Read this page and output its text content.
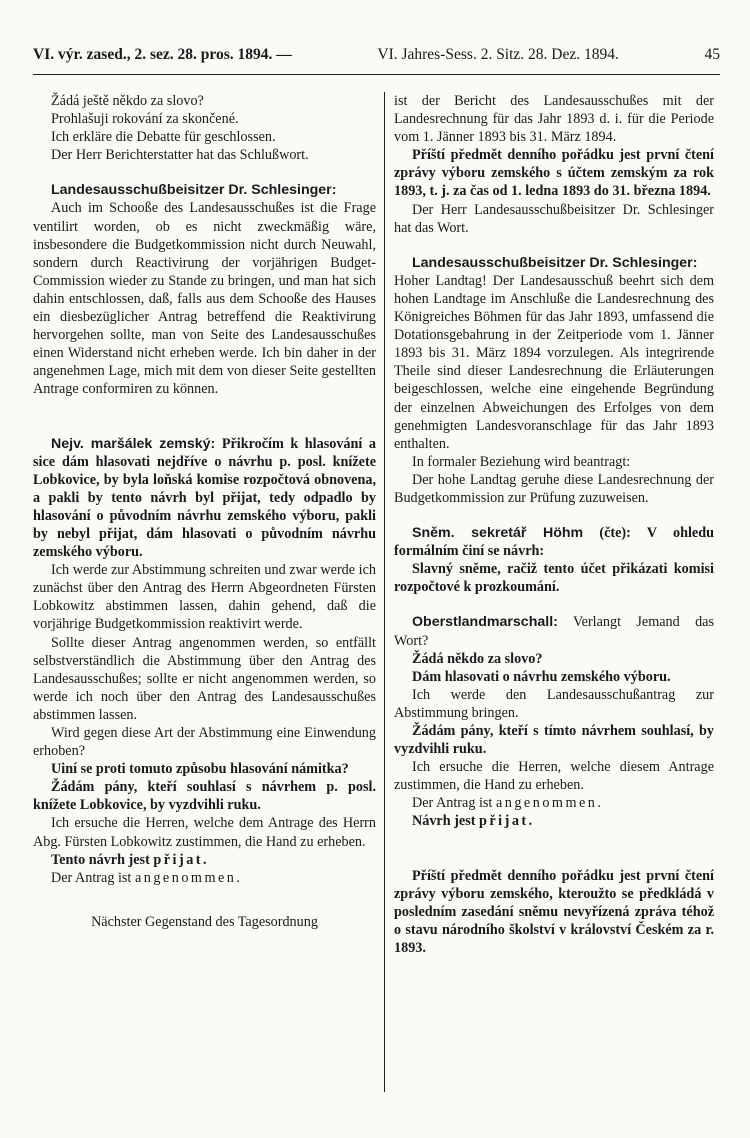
VI. výr. zased., 2. sez. 28. pros. 1894. —	VI. Jahres-Sess. 2. Sitz. 28. Dez. 1894.	45

Žádá ještě někdo za slovo?

Prohlašuji rokování za skončené.

Ich erkläre die Debatte für geschlossen.

Der Herr Berichterstatter hat das Schlußwort.

Landesausschußbeisitzer Dr. Schlesinger:

Auch im Schooße des Landesausschußes ist die Frage ventilirt worden, ob es nicht zweckmäßig wäre, insbesondere die Budgetkommission nicht durch Neuwahl, sondern durch Reactivirung der vorjährigen Budget-Commission wieder zu Stande zu bringen, und man hat sich dahin entschlossen, daß, falls aus dem Schooße des Hauses ein diesbezüglicher Antrag betreffend die Reaktivirung hervorgehen sollte, man von Seite des Landesausschußes einen Widerstand nicht erheben werde. Ich bin daher in der angenehmen Lage, mich mit dem von dieser Seite gestellten Antrage conformiren zu können.

Nejv. maršálek zemský: Přikročím k hlasování a sice dám hlasovati nejdříve o návrhu p. posl. knížete Lobkovice, by byla loňská komise rozpočtová obnovena, a pakli by tento návrh byl přijat, tedy odpadlo by hlasování o původním návrhu zemského výboru, pakli by nebyl přijat, dám hlasovati o původním návrhu zemského výboru.

Ich werde zur Abstimmung schreiten und zwar werde ich zunächst über den Antrag des Herrn Abgeordneten Fürsten Lobkowitz abstimmen lassen, dahin gehend, daß die vorjährige Budgetkommission reaktivirt werde.

Sollte dieser Antrag angenommen werden, so entfällt selbstverständlich die Abstimmung über den Antrag des Landesausschußes; sollte er nicht angenommen werden, so werde ich noch über den Antrag des Landesausschußes abstimmen lassen.

Wird gegen diese Art der Abstimmung eine Einwendung erhoben?

Uiní se proti tomuto způsobu hlasování námitka?

Žádám pány, kteří souhlasí s návrhem p. posl. knížete Lobkovice, by vyzdvihli ruku.

Ich ersuche die Herren, welche dem Antrage des Herrn Abg. Fürsten Lobkowitz zustimmen, die Hand zu erheben.

Tento návrh jest přijat.

Der Antrag ist angenommen.

Nächster Gegenstand des Tagesordnung

ist der Bericht des Landesausschußes mit der Landesrechnung für das Jahr 1893 d. i. für die Periode vom 1. Jänner 1893 bis 31. März 1894.

Příští předmět denního pořádku jest první čtení zprávy výboru zemského s účtem zemským za rok 1893, t. j. za čas od 1. ledna 1893 do 31. března 1894.

Der Herr Landesausschußbeisitzer Dr. Schlesinger hat das Wort.

Landesausschußbeisitzer Dr. Schlesinger:

Hoher Landtag! Der Landesausschuß beehrt sich dem hohen Landtage im Anschluße die Landesrechnung des Königreiches Böhmen für das Jahr 1893, umfassend die Dotationsgebahrung in der Zeitperiode vom 1. Jänner 1893 bis 31. März 1894 vorzulegen. Als integrirende Theile sind dieser Landesrechnung die Erläuterungen beigeschlossen, welche eine eingehende Begründung der einzelnen Abweichungen des Erfolges von dem genehmigten Landesvoranschlage für das Jahr 1893 enthalten.

In formaler Beziehung wird beantragt:

Der hohe Landtag geruhe diese Landesrechnung der Budgetkommission zur Prüfung zuzuweisen.

Sněm. sekretář Höhm (čte): V ohledu formálním činí se návrh:

Slavný sněme, račiž tento účet přikázati komisi rozpočtové k prozkoumání.

Oberstlandmarschall: Verlangt Jemand das Wort?

Žádá někdo za slovo?

Dám hlasovati o návrhu zemského výboru.

Ich werde den Landesausschußantrag zur Abstimmung bringen.

Žádám pány, kteří s tímto návrhem souhlasí, by vyzdvihli ruku.

Ich ersuche die Herren, welche diesem Antrage zustimmen, die Hand zu erheben.

Der Antrag ist angenommen.

Návrh jest přijat.

Příští předmět denního pořádku jest první čtení zprávy výboru zemského, kteroužto se předkládá v posledním zasedání sněmu nevyřízená zpráva téhož o stavu národního školství v království Českém za r. 1893.
